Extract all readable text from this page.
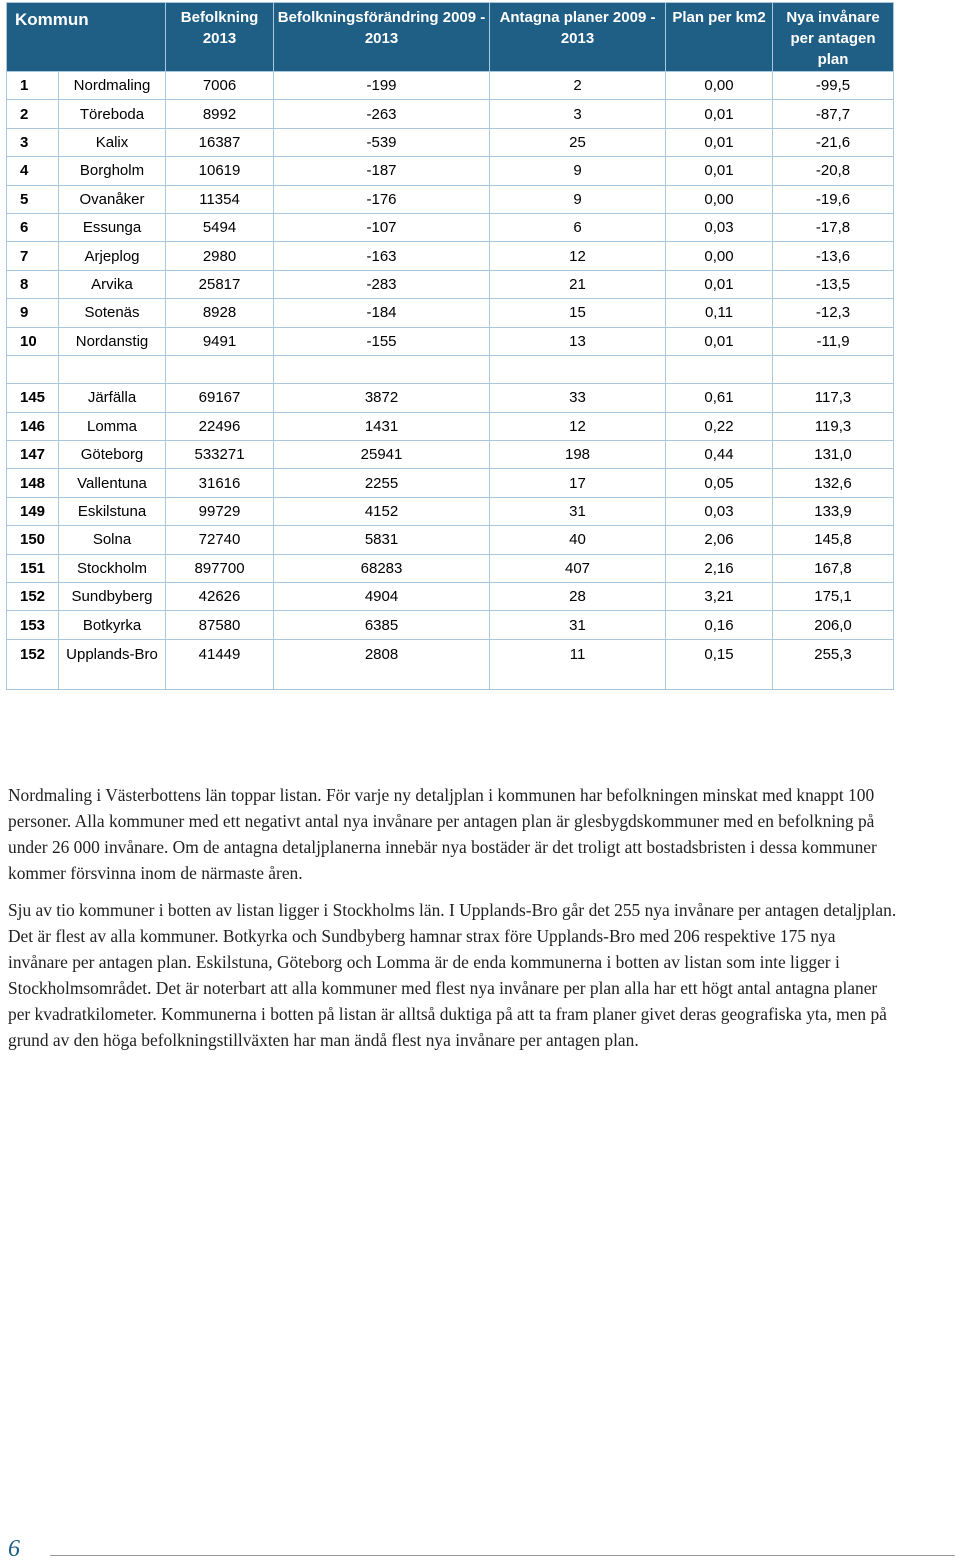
Kommun		Befolkning 2013	Befolkningsförändring 2009 - 2013	Antagna planer 2009 - 2013	Plan per km2	Nya invånare per antagen plan
1	Nordmaling	7006	-199	2	0,00	-99,5
2	Töreboda	8992	-263	3	0,01	-87,7
3	Kalix	16387	-539	25	0,01	-21,6
4	Borgholm	10619	-187	9	0,01	-20,8
5	Ovanåker	11354	-176	9	0,00	-19,6
6	Essunga	5494	-107	6	0,03	-17,8
7	Arjeplog	2980	-163	12	0,00	-13,6
8	Arvika	25817	-283	21	0,01	-13,5
9	Sotenäs	8928	-184	15	0,11	-12,3
10	Nordanstig	9491	-155	13	0,01	-11,9

145	Järfälla	69167	3872	33	0,61	117,3
146	Lomma	22496	1431	12	0,22	119,3
147	Göteborg	533271	25941	198	0,44	131,0
148	Vallentuna	31616	2255	17	0,05	132,6
149	Eskilstuna	99729	4152	31	0,03	133,9
150	Solna	72740	5831	40	2,06	145,8
151	Stockholm	897700	68283	407	2,16	167,8
152	Sundbyberg	42626	4904	28	3,21	175,1
153	Botkyrka	87580	6385	31	0,16	206,0
152	Upplands-Bro	41449	2808	11	0,15	255,3

Nordmaling i Västerbottens län toppar listan. För varje ny detaljplan i kommunen har befolkningen minskat med knappt 100 personer. Alla kommuner med ett negativt antal nya invånare per antagen plan är glesbygdskommuner med en befolkning på under 26 000 invånare. Om de antagna detaljplanerna innebär nya bostäder är det troligt att bostadsbristen i dessa kommuner kommer försvinna inom de närmaste åren.

Sju av tio kommuner i botten av listan ligger i Stockholms län. I Upplands-Bro går det 255 nya invånare per antagen detaljplan. Det är flest av alla kommuner. Botkyrka och Sundbyberg hamnar strax före Upplands-Bro med 206 respektive 175 nya invånare per antagen plan. Eskilstuna, Göteborg och Lomma är de enda kommunerna i botten av listan som inte ligger i Stockholmsområdet. Det är noterbart att alla kommuner med flest nya invånare per plan alla har ett högt antal antagna planer per kvadratkilometer. Kommunerna i botten på listan är alltså duktiga på att ta fram planer givet deras geografiska yta, men på grund av den höga befolkningstillväxten har man ändå flest nya invånare per antagen plan.

6
